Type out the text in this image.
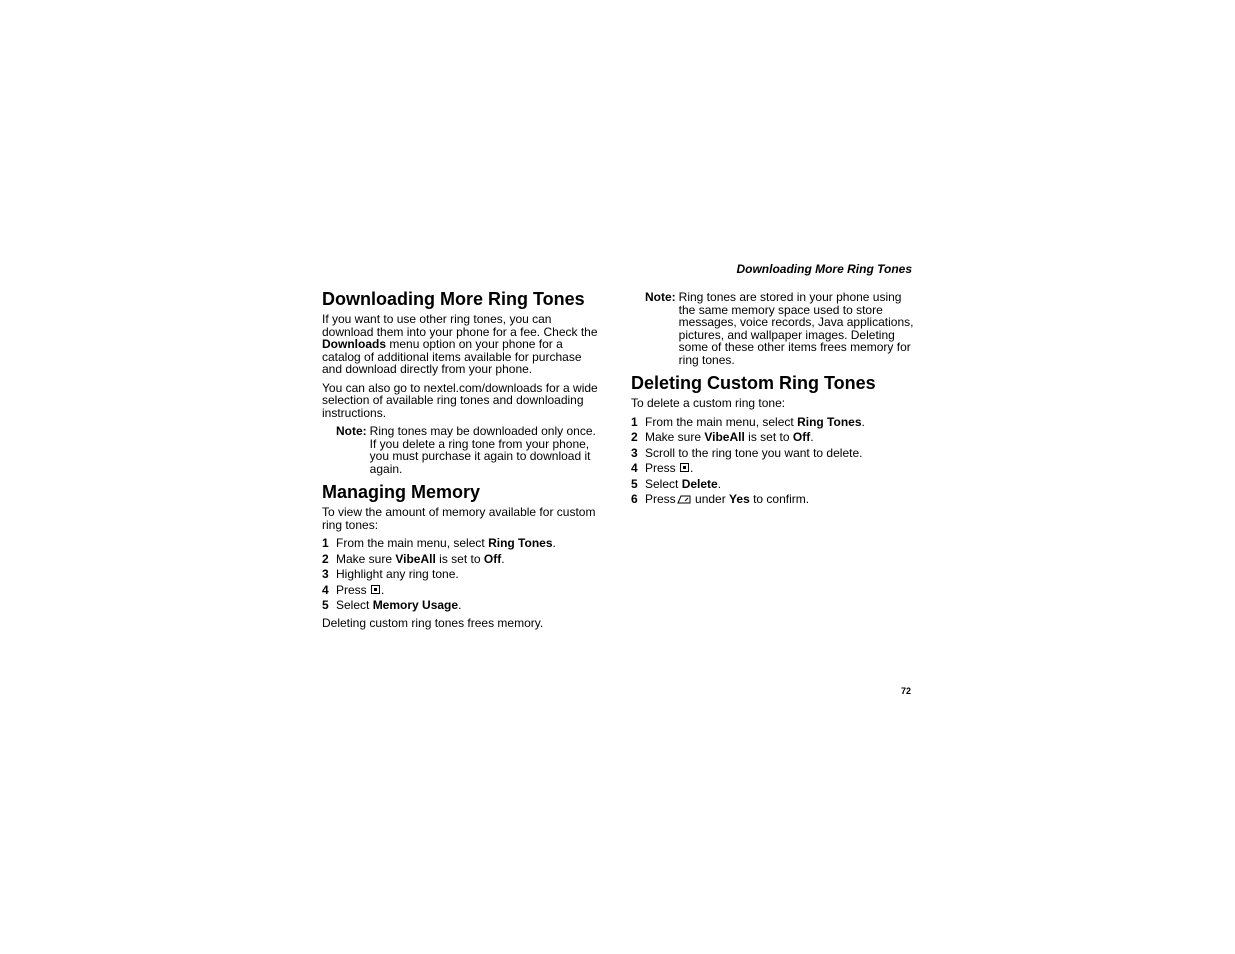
Downloading More Ring Tones
Downloading More Ring Tones

If you want to use other ring tones, you can download them into your phone for a fee. Check the Downloads menu option on your phone for a catalog of additional items available for purchase and download directly from your phone.

You can also go to nextel.com/downloads for a wide selection of available ring tones and downloading instructions.

Note: Ring tones may be downloaded only once. If you delete a ring tone from your phone, you must purchase it again to download it again.
Managing Memory

To view the amount of memory available for custom ring tones:

1 From the main menu, select Ring Tones.
2 Make sure VibeAll is set to Off.
3 Highlight any ring tone.
4 Press .
5 Select Memory Usage.

Deleting custom ring tones frees memory.

Note: Ring tones are stored in your phone using the same memory space used to store messages, voice records, Java applications, pictures, and wallpaper images. Deleting some of these other items frees memory for ring tones.
Deleting Custom Ring Tones

To delete a custom ring tone:

1 From the main menu, select Ring Tones.
2 Make sure VibeAll is set to Off.
3 Scroll to the ring tone you want to delete.
4 Press .
5 Select Delete.
6 Press
under Yes to confirm.
72
